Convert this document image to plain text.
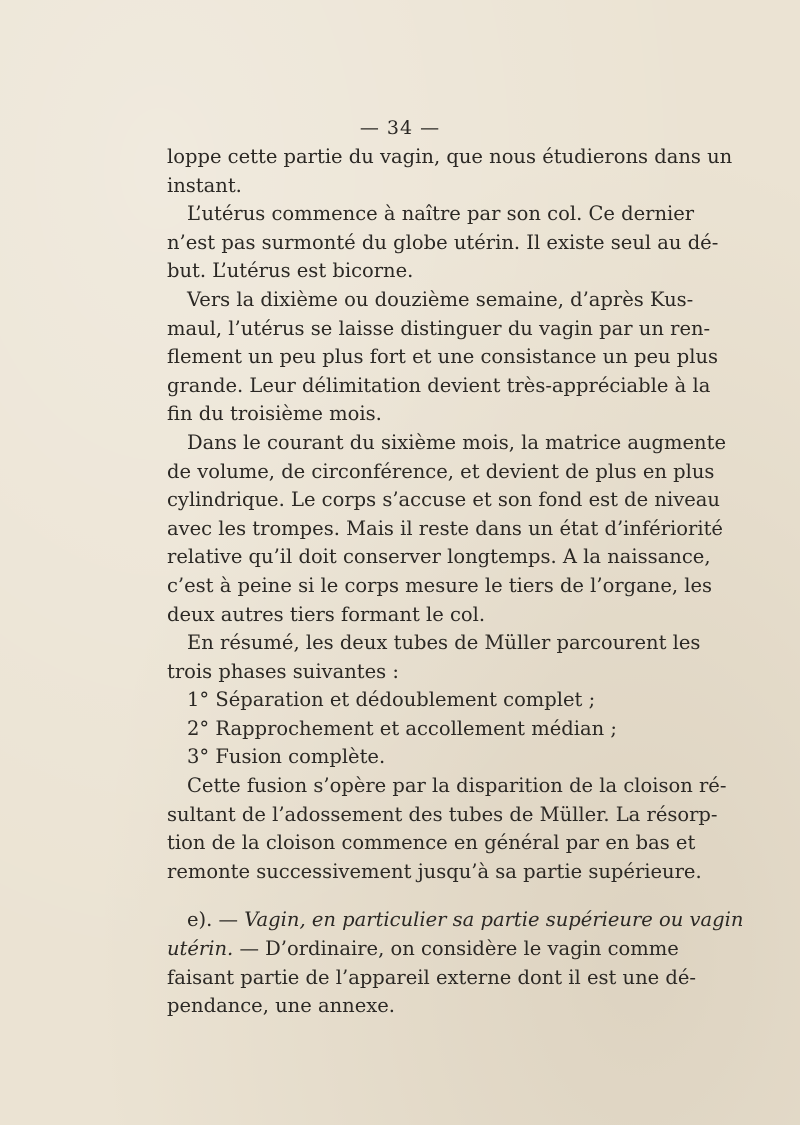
— 34 —
loppe cette partie du vagin, que nous étudierons dans un
instant.
L’utérus commence à naître par son col. Ce dernier
n’est pas surmonté du globe utérin. Il existe seul au dé-
but. L’utérus est bicorne.
Vers la dixième ou douzième semaine, d’après Kus-
maul, l’utérus se laisse distinguer du vagin par un ren-
flement un peu plus fort et une consistance un peu plus
grande. Leur délimitation devient très-appréciable à la
fin du troisième mois.
Dans le courant du sixième mois, la matrice augmente
de volume, de circonférence, et devient de plus en plus
cylindrique. Le corps s’accuse et son fond est de niveau
avec les trompes. Mais il reste dans un état d’infériorité
relative qu’il doit conserver longtemps. A la naissance,
c’est à peine si le corps mesure le tiers de l’organe, les
deux autres tiers formant le col.
En résumé, les deux tubes de Müller parcourent les
trois phases suivantes :
1° Séparation et dédoublement complet ;
2° Rapprochement et accollement médian ;
3° Fusion complète.
Cette fusion s’opère par la disparition de la cloison ré-
sultant de l’adossement des tubes de Müller. La résorp-
tion de la cloison commence en général par en bas et
remonte successivement jusqu’à sa partie supérieure.
e). — Vagin, en particulier sa partie supérieure ou vagin
utérin. — D’ordinaire, on considère le vagin comme
faisant partie de l’appareil externe dont il est une dé-
pendance, une annexe.
